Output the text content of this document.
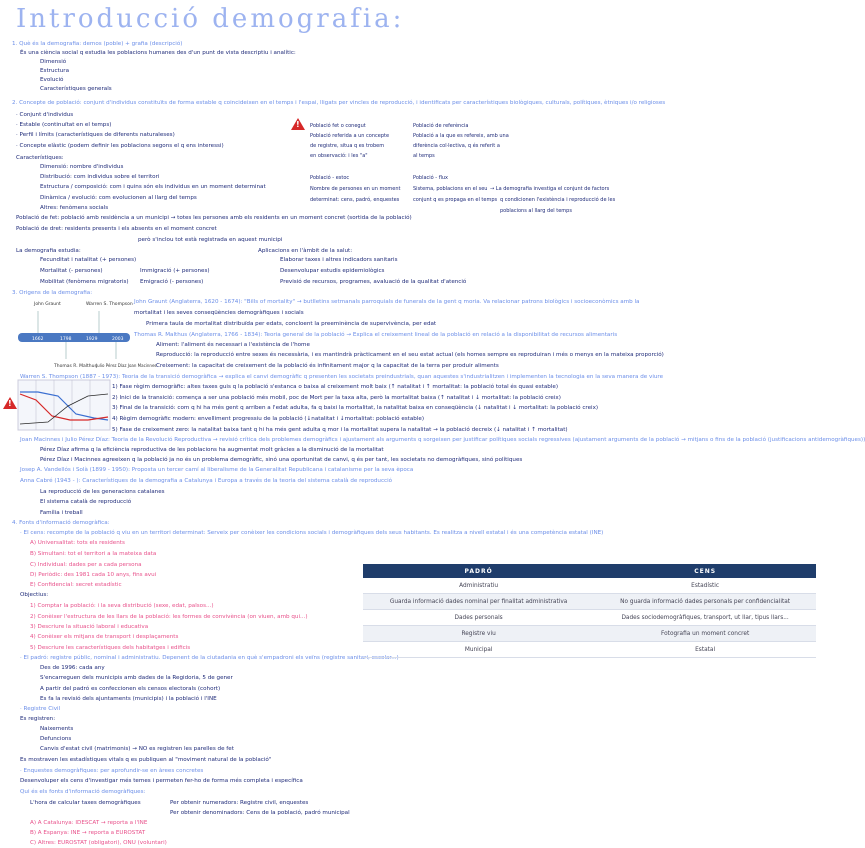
Introducció demografia:
1. Què és la demografia: demos (poble) + grafia (descripció)
És una ciència social q estudia les poblacions humanes des d'un punt de vista descriptiu i analític:
Dimensió
Estructura
Evolució
Característiques generals
2. Concepte de població: conjunt d'individus constituïts de forma estable q coincideixen en el temps i l'espai, lligats per vincles de reproducció, i identificats per característiques biològiques, culturals, polítiques, ètniques i/o religioses
· Conjunt d'individus
· Estable (continuïtat en el temps)
· Perfil i límits (característiques de diferents naturaleses)
· Concepte elàstic (podem definir les poblacions segons el q ens interessi)
Característiques:
Dimensió: nombre d'individus
Distribució: com individus sobre el territori
Estructura / composició: com i quins són els individus en un moment determinat
Dinàmica / evolució: com evolucionen al llarg del temps
Altres: fenòmens socials
Població de fet: població amb residència a un municipi → totes les persones amb els residents en un moment concret (sortida de la població)
Població de dret: residents presents i els absents en el moment concret
però s'inclou tot està registrada en aquest municipi
La demografia estudia:
Fecunditat i natalitat (+ persones)
Mortalitat (- persones)
Mobilitat (fenòmens migratoris)
Immigració (+ persones)
Emigració (- persones)
Aplicacions en l'àmbit de la salut:
Elaborar taxes i altres indicadors sanitaris
Desenvolupar estudis epidemiològics
Previsió de recursos, programes, avaluació de la qualitat d'atenció
3. Origens de la demografia:
John Graunt (Anglaterra, 1620 - 1674): "Bills of mortality" → butlletins setmanals parroquials de funerals de la gent q moria. Va relacionar patrons biològics i socioeconòmics amb la
mortalitat i les seves conseqüències demogràfiques i socials
Primera taula de mortalitat distribuïda per edats, concloent la preeminència de supervivència, per edat
Thomas R. Malthus (Anglaterra, 1766 - 1834): Teoria general de la població → Explica el creixement lineal de la població en relació a la disponibilitat de recursos alimentaris
Aliment: l'aliment és necessari a l'existència de l'home
Reproducció: la reproducció entre sexes és necessària, i es mantindrà pràcticament en el seu estat actual (els homes sempre es reproduiran i més o menys en la mateixa proporció)
Creixement: la capacitat de creixement de la població és infinitament major q la capacitat de la terra per produir aliments
Warren S. Thompson (1887 - 1973): Teoria de la transició demogràfica → explica el canvi demogràfic q presenten les societats preindustrials, quan aquestes s'industrialitzen i implementen la tecnologia en la seva manera de viure
1) Fase règim demogràfic: altes taxes guis q la població s'estanca o baixa al creixement molt baix (↑ natalitat i ↑ mortalitat: la població total és quasi estable)
2) Inici de la transició: comença a ser una població més mobil, poc de Mort per la taxa alta, però la mortalitat baixa (↑ natalitat i ↓ mortalitat: la població creix)
3) Final de la transició: com q hi ha més gent q arriben a l'edat adulta, fa q baixi la mortalitat, la natalitat baixa en conseqüència (↓ natalitat i ↓ mortalitat: la població creix)
4) Règim demogràfic modern: envelliment progressiu de la població (↓natalitat i ↓mortalitat: població estable)
5) Fase de creixement zero: la natalitat baixa tant q hi ha més gent adulta q mor i la mortalitat supera la natalitat → la població decreix (↓ natalitat i ↑ mortalitat)
Joan Macinnes i Julio Pérez Díaz: Teoria de la Revolució Reproductiva → revisió crítica dels problemes demogràfics i ajustament als arguments q sorgeixen per justificar polítiques socials regressives (ajustament arguments de la població → mitjans o fins de la població (justificacions antidemogràfiques))
Pérez Díaz afirma q la eficiència reproductiva de les poblacions ha augmentat molt gràcies a la disminució de la mortalitat
Pérez Díaz i Macinnes agreeixen q la població ja no és un problema demogràfic, sinó una oportunitat de canvi, q és per tant, les societats no demogràfiques, sinó polítiques
Josep A. Vandellós i Solà (1899 - 1950): Proposta un tercer camí al liberalisme de la Generalitat Republicana i catalanisme per la seva època
Anna Cabré (1943 - ): Característiques de la demografia a Catalunya i Europa a través de la teoria del sistema català de reproducció
La reproducció de les generacions catalanes
El sistema català de reproducció
Família i treball
4. Fonts d'informació demogràfica:
· El cens: recompte de la població q viu en un territori determinat: Serveix per conèixer les condicions socials i demogràfiques dels seus habitants. Es realitza a nivell estatal i és una competència estatal (INE)
A) Universalitat: tots els residents
B) Simultani: tot el territori a la mateixa data
C) Individual: dades per a cada persona
D) Periòdic: des 1981 cada 10 anys, fins avui
E) Confidencial: secret estadístic
Objectius:
1) Comptar la població: i la seva distribució (sexe, edat, països...)
2) Conèixer l'estructura de les llars de la població: les formes de convivència (on viuen, amb qui...)
3) Descriure la situació laboral i educativa
4) Conèixer els mitjans de transport i desplaçaments
5) Descriure les característiques dels habitatges i edificis
· El padró: registre públic, nominal i administratiu. Depenent de la ciutadania en què s'empadroni els veïns (registre sanitari, escolar...)
Des de 1996: cada any
S'encarreguen dels municipis amb dades de la Regidoria, 5 de gener
A partir del padró es confeccionen els censos electorals (cohort)
Es fa la revisió dels ajuntaments (municipis) i la població i l'INE
· Registre Civil
Es registren:
Naixements
Defuncions
Canvis d'estat civil (matrimonis) → NO es registren les parelles de fet
Es mostraven les estadístiques vitals q es publiquen al "moviment natural de la població"
· Enquestes demogràfiques: per aprofundir-se en àrees concretes
Desenvoluper els cens d'investigar més temes i permeten fer-ho de forma més completa i específica
Qui és els fonts d'informació demogràfiques:
L'hora de calcular taxes demogràfiques	Per obtenir numeradors: Registre civil, enquestes
Per obtenir denominadors: Cens de la població, padró municipal
A) A Catalunya: IDESCAT → reporta a l'INE
B) A Espanya: INE → reporta a EUROSTAT
C) Altres: EUROSTAT (obligatori), ONU (voluntari)
Població fet o conegut
Població referida a un concepte
de registre, situa q es trobem
en observació: i les "a"
Població de referència
Població a la que es refereix, amb una
diferència col·lectiva, q és referit a
al temps
Població - estoc
Nombre de persones en un moment
determinat: cens, padró, enquestes
Població - flux
Sistema, poblacions en el seu
conjunt q es propaga en el temps
→ La demografia investiga el conjunt de factors
q condicionen l'existència i reproducció de les
poblacions al llarg del temps
!
!
John Graunt	Warren S. Thompson
Thomas R. Malthus Julio Pérez Díaz Joan Macinnes
1662	1798	1929	2003
PADRÓ	CENS
Administratiu	Estadístic
Guarda informació dades nominal per finalitat administrativa	No guarda informació dades personals per confidencialitat
Dades personals	Dades sociodemogràfiques, transport, ut llar, tipus llars...
Registre viu	Fotografia un moment concret
Municipal	Estatal
